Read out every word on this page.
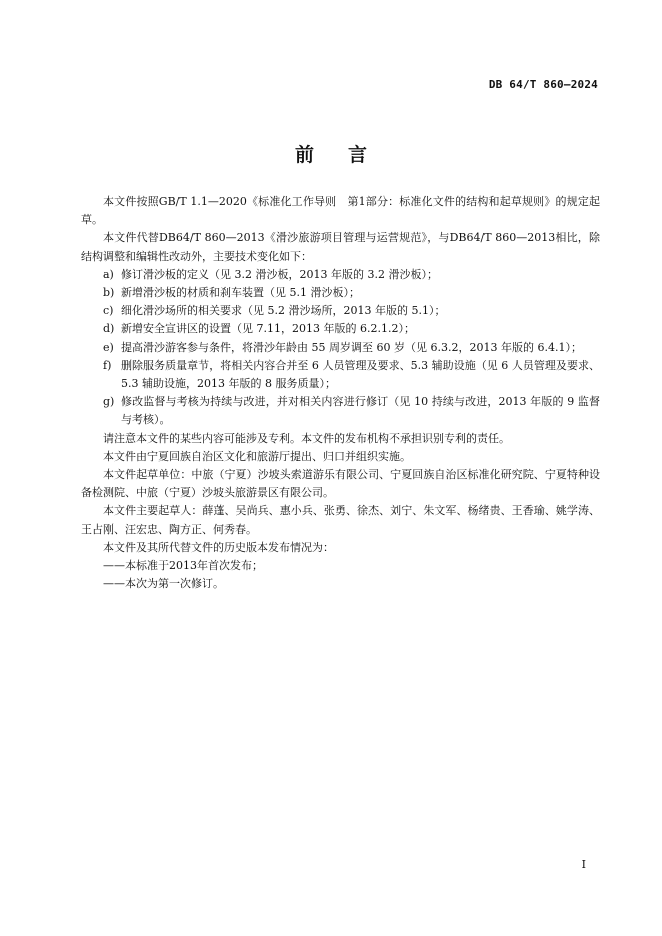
DB 64/T 860—2024
前言

本文件按照GB/T 1.1—2020《标准化工作导则　第1部分：标准化文件的结构和起草规则》的规定起草。

本文件代替DB64/T 860—2013《滑沙旅游项目管理与运营规范》，与DB64/T 860—2013相比，除结构调整和编辑性改动外，主要技术变化如下：

a) 修订滑沙板的定义（见 3.2 滑沙板，2013 年版的 3.2 滑沙板）；
b) 新增滑沙板的材质和刹车装置（见 5.1 滑沙板）；
c) 细化滑沙场所的相关要求（见 5.2 滑沙场所，2013 年版的 5.1）；
d) 新增安全宣讲区的设置（见 7.11，2013 年版的 6.2.1.2）；
e) 提高滑沙游客参与条件，将滑沙年龄由 55 周岁调至 60 岁（见 6.3.2，2013 年版的 6.4.1）；
f) 删除服务质量章节，将相关内容合并至 6 人员管理及要求、5.3 辅助设施（见 6 人员管理及要求、5.3 辅助设施，2013 年版的 8 服务质量）；
g) 修改监督与考核为持续与改进，并对相关内容进行修订（见 10 持续与改进，2013 年版的 9 监督与考核）。

请注意本文件的某些内容可能涉及专利。本文件的发布机构不承担识别专利的责任。

本文件由宁夏回族自治区文化和旅游厅提出、归口并组织实施。

本文件起草单位：中旅（宁夏）沙坡头索道游乐有限公司、宁夏回族自治区标准化研究院、宁夏特种设备检测院、中旅（宁夏）沙坡头旅游景区有限公司。

本文件主要起草人：薛蓬、吴尚兵、惠小兵、张勇、徐杰、刘宁、朱文军、杨绪贵、王香瑜、姚学涛、王占刚、汪宏忠、陶方正、何秀春。

本文件及其所代替文件的历史版本发布情况为：

——本标准于2013年首次发布；

——本次为第一次修订。

I
